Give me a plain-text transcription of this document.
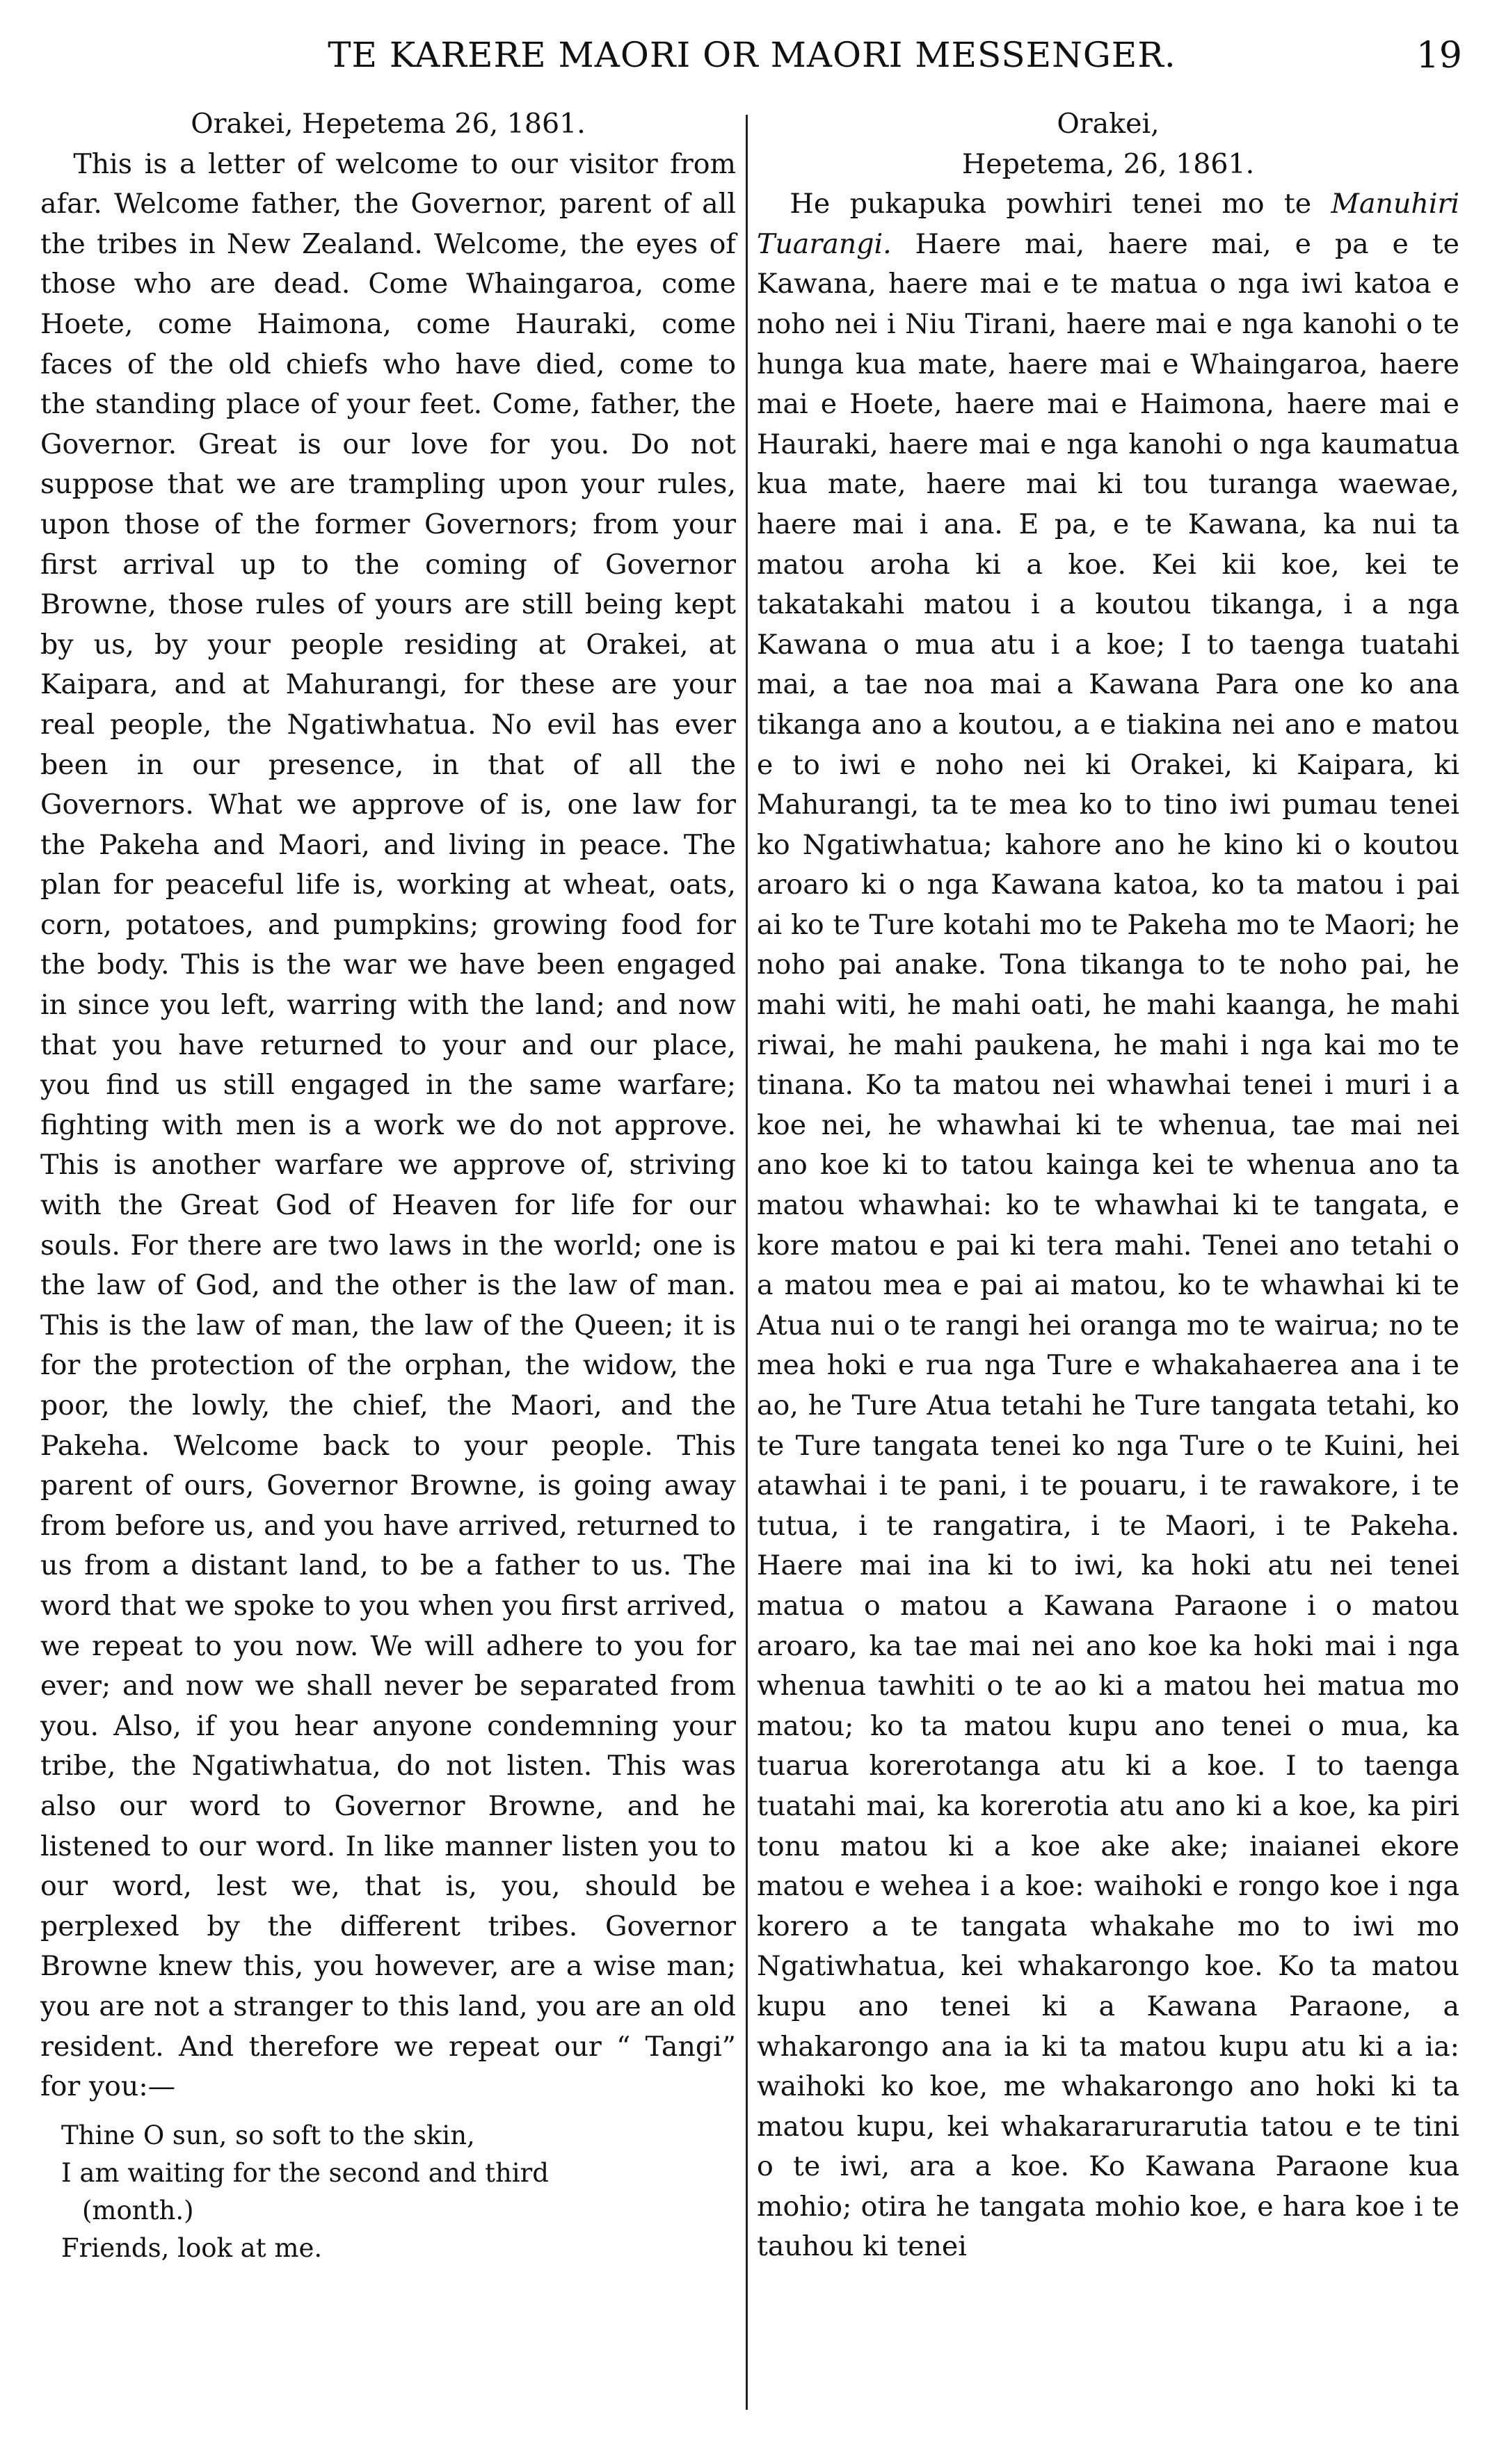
TE KARERE MAORI OR MAORI MESSENGER.	19

Orakei, Hepetema 26, 1861.

This is a letter of welcome to our visitor from afar. Welcome father, the Governor, parent of all the tribes in New Zealand. Welcome, the eyes of those who are dead. Come Whaingaroa, come Hoete, come Haimona, come Hauraki, come faces of the old chiefs who have died, come to the standing place of your feet. Come, father, the Governor. Great is our love for you. Do not suppose that we are trampling upon your rules, upon those of the former Governors; from your first arrival up to the coming of Governor Browne, those rules of yours are still being kept by us, by your people residing at Orakei, at Kaipara, and at Mahurangi, for these are your real people, the Ngatiwhatua. No evil has ever been in our presence, in that of all the Governors. What we approve of is, one law for the Pakeha and Maori, and living in peace. The plan for peaceful life is, working at wheat, oats, corn, potatoes, and pumpkins; growing food for the body. This is the war we have been engaged in since you left, warring with the land; and now that you have returned to your and our place, you find us still engaged in the same warfare; fighting with men is a work we do not approve. This is another warfare we approve of, striving with the Great God of Heaven for life for our souls. For there are two laws in the world; one is the law of God, and the other is the law of man. This is the law of man, the law of the Queen; it is for the protection of the orphan, the widow, the poor, the lowly, the chief, the Maori, and the Pakeha. Welcome back to your people. This parent of ours, Governor Browne, is going away from before us, and you have arrived, returned to us from a distant land, to be a father to us. The word that we spoke to you when you first arrived, we repeat to you now. We will adhere to you for ever; and now we shall never be separated from you. Also, if you hear anyone condemning your tribe, the Ngatiwhatua, do not listen. This was also our word to Governor Browne, and he listened to our word. In like manner listen you to our word, lest we, that is, you, should be perplexed by the different tribes. Governor Browne knew this, you however, are a wise man; you are not a stranger to this land, you are an old resident. And therefore we repeat our “ Tangi” for you:—

Thine O sun, so soft to the skin,
I am waiting for the second and third
(month.)
Friends, look at me.

Orakei,

Hepetema, 26, 1861.

He pukapuka powhiri tenei mo te Manuhiri Tuarangi. Haere mai, haere mai, e pa e te Kawana, haere mai e te matua o nga iwi katoa e noho nei i Niu Tirani, haere mai e nga kanohi o te hunga kua mate, haere mai e Whaingaroa, haere mai e Hoete, haere mai e Haimona, haere mai e Hauraki, haere mai e nga kanohi o nga kaumatua kua mate, haere mai ki tou turanga waewae, haere mai i ana. E pa, e te Kawana, ka nui ta matou aroha ki a koe. Kei kii koe, kei te takatakahi matou i a koutou tikanga, i a nga Kawana o mua atu i a koe; I to taenga tuatahi mai, a tae noa mai a Kawana Para one ko ana tikanga ano a koutou, a e tiakina nei ano e matou e to iwi e noho nei ki Orakei, ki Kaipara, ki Mahurangi, ta te mea ko to tino iwi pumau tenei ko Ngatiwhatua; kahore ano he kino ki o koutou aroaro ki o nga Kawana katoa, ko ta matou i pai ai ko te Ture kotahi mo te Pakeha mo te Maori; he noho pai anake. Tona tikanga to te noho pai, he mahi witi, he mahi oati, he mahi kaanga, he mahi riwai, he mahi paukena, he mahi i nga kai mo te tinana. Ko ta matou nei whawhai tenei i muri i a koe nei, he whawhai ki te whenua, tae mai nei ano koe ki to tatou kainga kei te whenua ano ta matou whawhai: ko te whawhai ki te tangata, e kore matou e pai ki tera mahi. Tenei ano tetahi o a matou mea e pai ai matou, ko te whawhai ki te Atua nui o te rangi hei oranga mo te wairua; no te mea hoki e rua nga Ture e whakahaerea ana i te ao, he Ture Atua tetahi he Ture tangata tetahi, ko te Ture tangata tenei ko nga Ture o te Kuini, hei atawhai i te pani, i te pouaru, i te rawakore, i te tutua, i te rangatira, i te Maori, i te Pakeha. Haere mai ina ki to iwi, ka hoki atu nei tenei matua o matou a Kawana Paraone i o matou aroaro, ka tae mai nei ano koe ka hoki mai i nga whenua tawhiti o te ao ki a matou hei matua mo matou; ko ta matou kupu ano tenei o mua, ka tuarua korerotanga atu ki a koe. I to taenga tuatahi mai, ka korerotia atu ano ki a koe, ka piri tonu matou ki a koe ake ake; inaianei ekore matou e wehea i a koe: waihoki e rongo koe i nga korero a te tangata whakahe mo to iwi mo Ngatiwhatua, kei whakarongo koe. Ko ta matou kupu ano tenei ki a Kawana Paraone, a whakarongo ana ia ki ta matou kupu atu ki a ia: waihoki ko koe, me whakarongo ano hoki ki ta matou kupu, kei whakararurarutia tatou e te tini o te iwi, ara a koe. Ko Kawana Paraone kua mohio; otira he tangata mohio koe, e hara koe i te tauhou ki tenei
